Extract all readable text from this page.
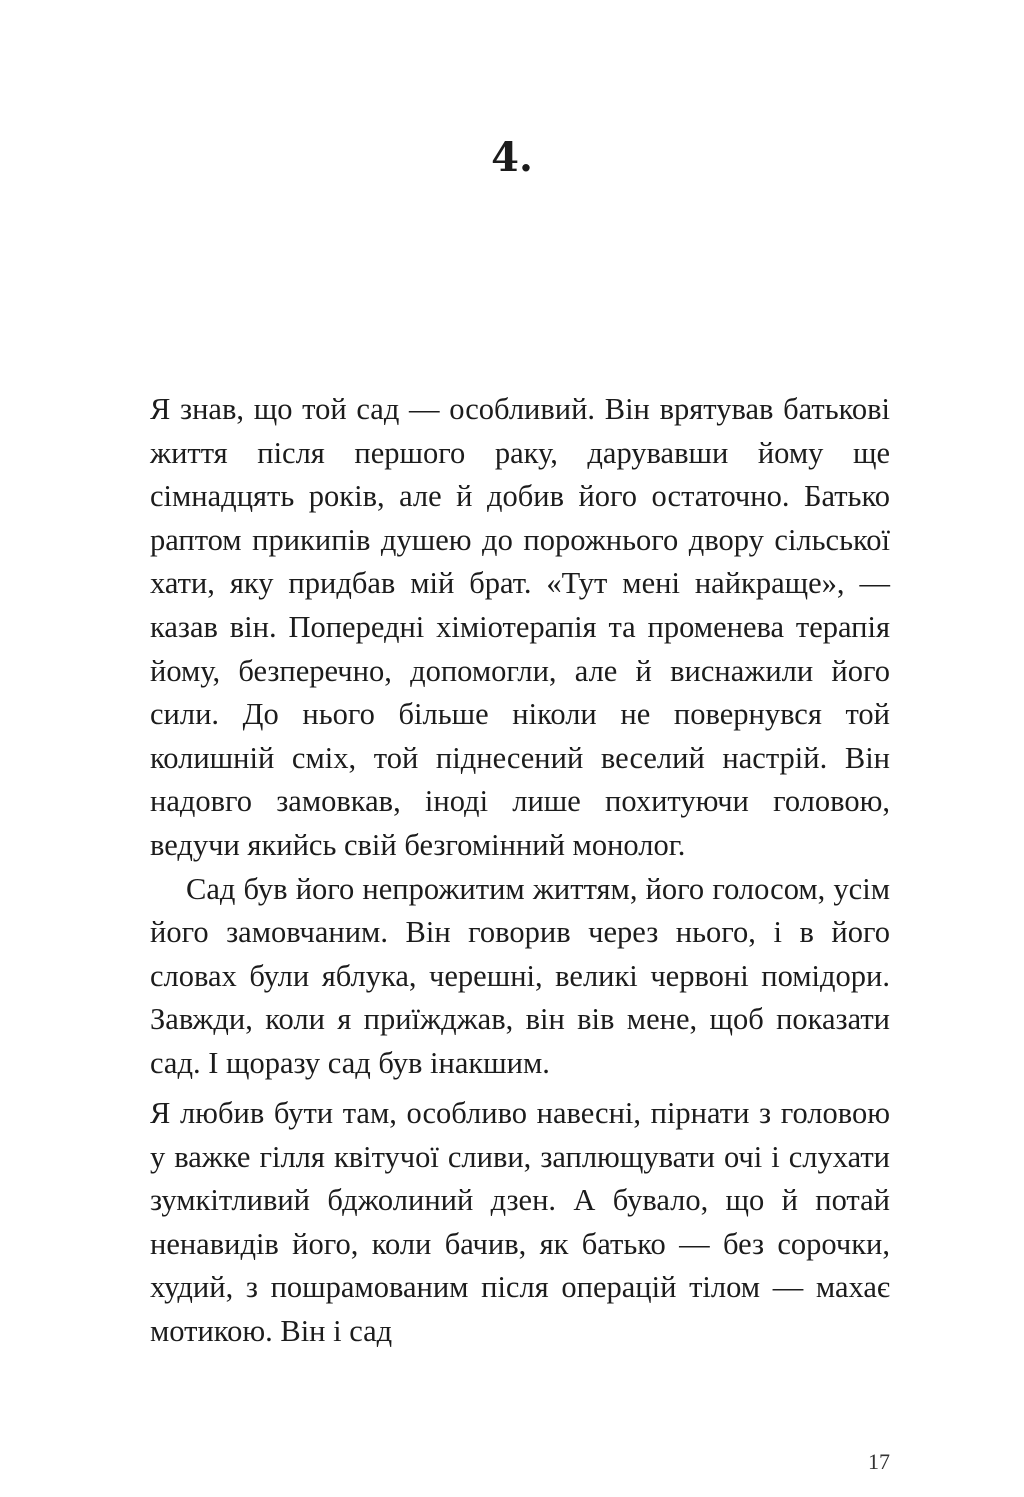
4.

Я знав, що той сад — особливий. Він врятував батькові життя після першого раку, дарувавши йому ще сімнадцять років, але й добив його остаточно. Батько раптом прикипів душею до порожнього двору сільської хати, яку придбав мій брат. «Тут мені найкраще», — казав він. Попередні хіміотерапія та променева терапія йому, безперечно, допомогли, але й виснажили його сили. До нього більше ніколи не повернувся той колишній сміх, той піднесений веселий настрій. Він надовго замовкав, іноді лише похитуючи головою, ведучи якийсь свій безгомінний монолог.

Сад був його непрожитим життям, його голосом, усім його замовчаним. Він говорив через нього, і в його словах були яблука, черешні, великі червоні помідори. Завжди, коли я приїжджав, він вів мене, щоб показати сад. І щоразу сад був інакшим.

Я любив бути там, особливо навесні, пірнати з головою у важке гілля квітучої сливи, заплющувати очі і слухати зумкітливий бджолиний дзен. А бувало, що й потай ненавидів його, коли бачив, як батько — без сорочки, худий, з пошрамованим після операцій тілом — махає мотикою. Він і сад

17
